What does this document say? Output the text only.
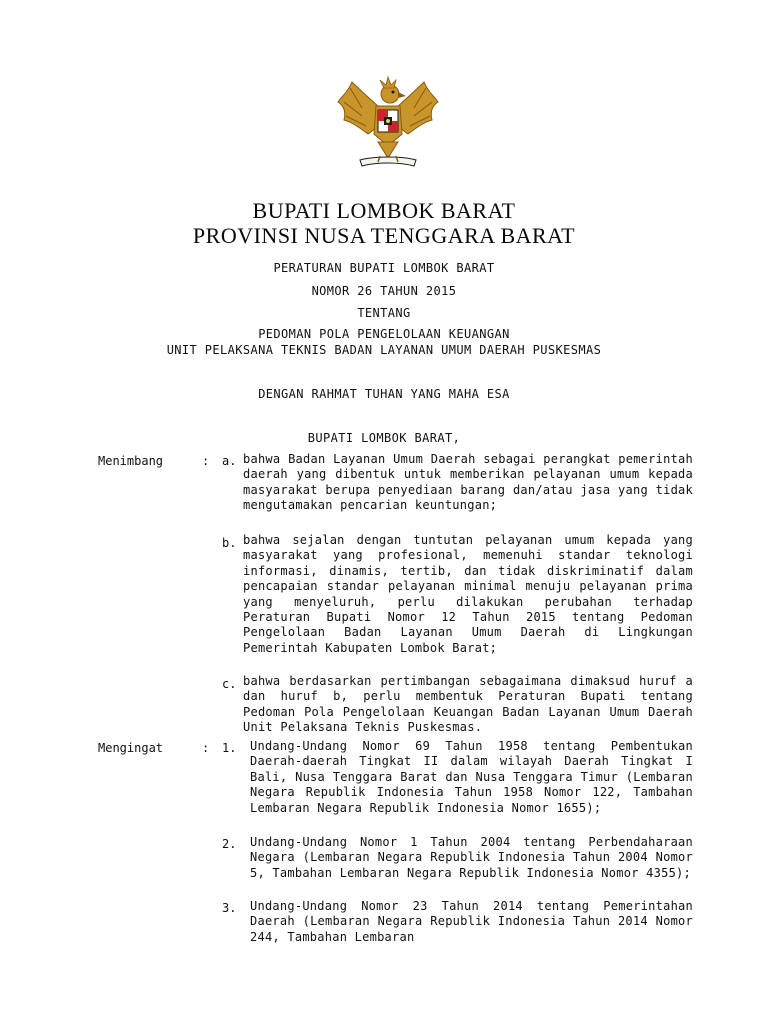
BUPATI LOMBOK BARAT
PROVINSI NUSA TENGGARA BARAT
PERATURAN BUPATI LOMBOK BARAT
NOMOR 26 TAHUN 2015
TENTANG
PEDOMAN POLA PENGELOLAAN KEUANGAN
UNIT PELAKSANA TEKNIS BADAN LAYANAN UMUM DAERAH PUSKESMAS
DENGAN RAHMAT TUHAN YANG MAHA ESA
BUPATI LOMBOK BARAT,
Menimbang	: a. bahwa Badan Layanan Umum Daerah sebagai perangkat pemerintah daerah yang dibentuk untuk memberikan pelayanan umum kepada masyarakat berupa penyediaan barang dan/atau jasa yang tidak mengutamakan pencarian keuntungan;
b. bahwa sejalan dengan tuntutan pelayanan umum kepada yang masyarakat yang profesional, memenuhi standar teknologi informasi, dinamis, tertib, dan tidak diskriminatif dalam pencapaian standar pelayanan minimal menuju pelayanan prima yang menyeluruh, perlu dilakukan perubahan terhadap Peraturan Bupati Nomor 12 Tahun 2015 tentang Pedoman Pengelolaan Badan Layanan Umum Daerah di Lingkungan Pemerintah Kabupaten Lombok Barat;
c. bahwa berdasarkan pertimbangan sebagaimana dimaksud huruf a dan huruf b, perlu membentuk Peraturan Bupati tentang Pedoman Pola Pengelolaan Keuangan Badan Layanan Umum Daerah Unit Pelaksana Teknis Puskesmas.
Mengingat	: 1. Undang-Undang Nomor 69 Tahun 1958 tentang Pembentukan Daerah-daerah Tingkat II dalam wilayah Daerah Tingkat I Bali, Nusa Tenggara Barat dan Nusa Tenggara Timur (Lembaran Negara Republik Indonesia Tahun 1958 Nomor 122, Tambahan Lembaran Negara Republik Indonesia Nomor 1655);
2. Undang-Undang Nomor 1 Tahun 2004 tentang Perbendaharaan Negara (Lembaran Negara Republik Indonesia Tahun 2004 Nomor 5, Tambahan Lembaran Negara Republik Indonesia Nomor 4355);
3. Undang-Undang Nomor 23 Tahun 2014 tentang Pemerintahan Daerah (Lembaran Negara Republik Indonesia Tahun 2014 Nomor 244, Tambahan Lembaran
